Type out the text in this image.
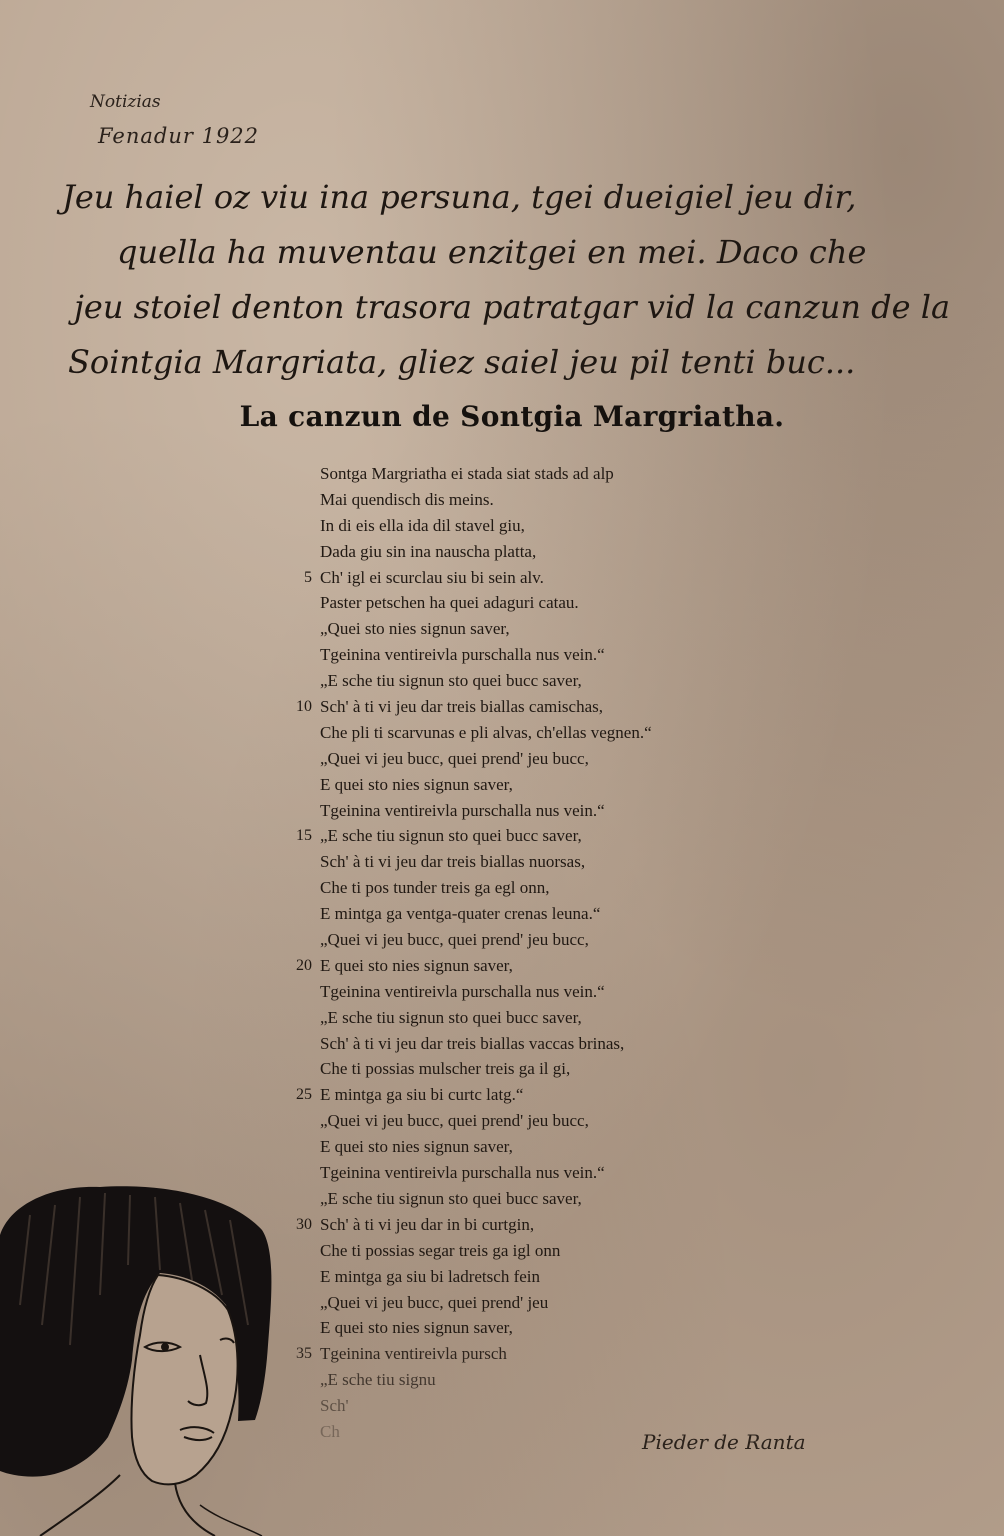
Notizias
Fenadur 1922
Jeu haiel oz viu ina persuna, tgei dueigiel jeu dir,
quella ha muventau enzitgei en mei. Daco che
jeu stoiel denton trasora patratgar vid la canzun de la
Sointgia Margriata, gliez saiel jeu pil tenti buc...
La canzun de Sontgia Margriatha.
Sontga Margriatha ei stada siat stads ad alp
Mai quendisch dis meins.
In di eis ella ida dil stavel giu,
Dada giu sin ina nauscha platta,
5 Ch' igl ei scurclau siu bi sein alv.
Paster petschen ha quei adaguri catau.
„Quei sto nies signun saver,
Tgeinina ventireivla purschalla nus vein.“
„E sche tiu signun sto quei bucc saver,
10 Sch' à ti vi jeu dar treis biallas camischas,
Che pli ti scarvunas e pli alvas, ch'ellas vegnen.“
„Quei vi jeu bucc, quei prend' jeu bucc,
E quei sto nies signun saver,
Tgeinina ventireivla purschalla nus vein.“
15 „E sche tiu signun sto quei bucc saver,
Sch' à ti vi jeu dar treis biallas nuorsas,
Che ti pos tunder treis ga egl onn,
E mintga ga ventga-quater crenas leuna.“
„Quei vi jeu bucc, quei prend' jeu bucc,
20 E quei sto nies signun saver,
Tgeinina ventireivla purschalla nus vein.“
„E sche tiu signun sto quei bucc saver,
Sch' à ti vi jeu dar treis biallas vaccas brinas,
Che ti possias mulscher treis ga il gi,
25 E mintga ga siu bi curtc latg.“
„Quei vi jeu bucc, quei prend' jeu bucc,
E quei sto nies signun saver,
Tgeinina ventireivla purschalla nus vein.“
„E sche tiu signun sto quei bucc saver,
30 Sch' à ti vi jeu dar in bi curtgin,
Che ti possias segar treis ga igl onn
E mintga ga siu bi ladretsch fein
„Quei vi jeu bucc, quei prend' jeu
E quei sto nies signun saver,
35 Tgeinina ventireivla pursch
„E sche tiu signu
Sch'
Ch	Pieder de Ranta
